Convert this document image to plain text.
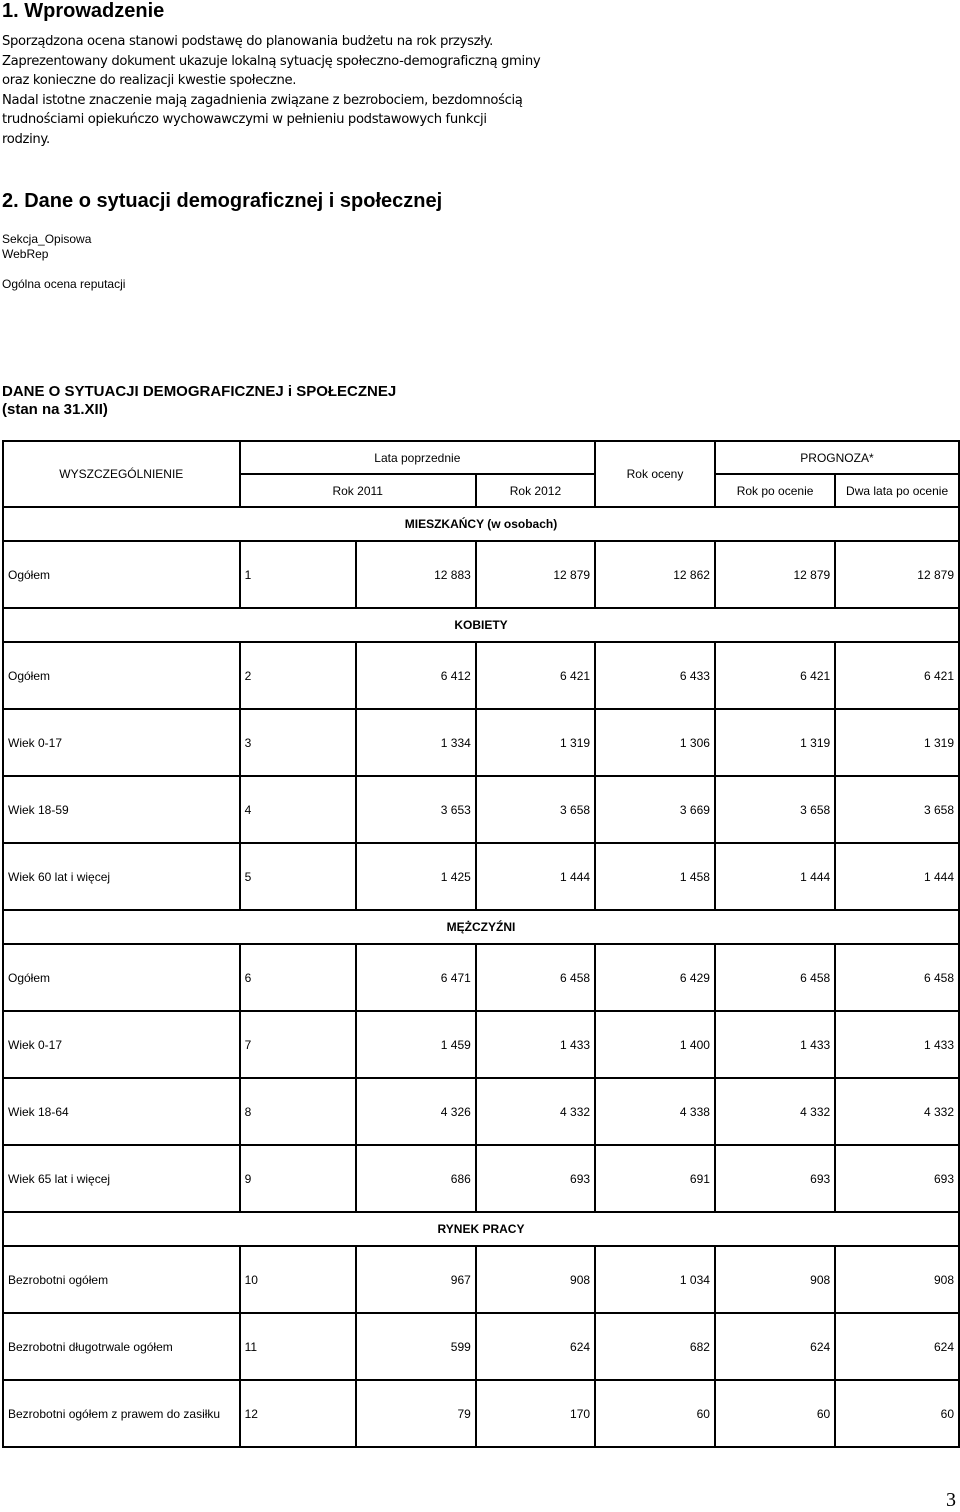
1. Wprowadzenie
Sporządzona ocena stanowi podstawę do planowania budżetu na rok przyszły.
Zaprezentowany dokument ukazuje lokalną sytuację społeczno-demograficzną gminy
oraz konieczne do realizacji kwestie społeczne.
Nadal istotne znaczenie mają zagadnienia związane z bezrobociem, bezdomnością
trudnościami opiekuńczo wychowawczymi w pełnieniu podstawowych funkcji
rodziny.
2. Dane o sytuacji demograficznej i społecznej
Sekcja_Opisowa
WebRep
Ogólna ocena reputacji
DANE O SYTUACJI DEMOGRAFICZNEJ i SPOŁECZNEJ
(stan na 31.XII)
WYSZCZEGÓLNIENIE	Lata poprzednie			Rok oceny	PROGNOZA*	
	Rok 2011		Rok 2012		Rok po ocenie	Dwa lata po ocenie
MIESZKAŃCY (w osobach)						
Ogółem	1	12 883	12 879	12 862	12 879	12 879
KOBIETY						
Ogółem	2	6 412	6 421	6 433	6 421	6 421
Wiek 0-17	3	1 334	1 319	1 306	1 319	1 319
Wiek 18-59	4	3 653	3 658	3 669	3 658	3 658
Wiek 60 lat i więcej	5	1 425	1 444	1 458	1 444	1 444
MĘŻCZYŹNI						
Ogółem	6	6 471	6 458	6 429	6 458	6 458
Wiek 0-17	7	1 459	1 433	1 400	1 433	1 433
Wiek 18-64	8	4 326	4 332	4 338	4 332	4 332
Wiek 65 lat i więcej	9	686	693	691	693	693
RYNEK PRACY						
Bezrobotni ogółem	10	967	908	1 034	908	908
Bezrobotni długotrwale ogółem	11	599	624	682	624	624
Bezrobotni ogółem z prawem do zasiłku	12	79	170	60	60	60
3
